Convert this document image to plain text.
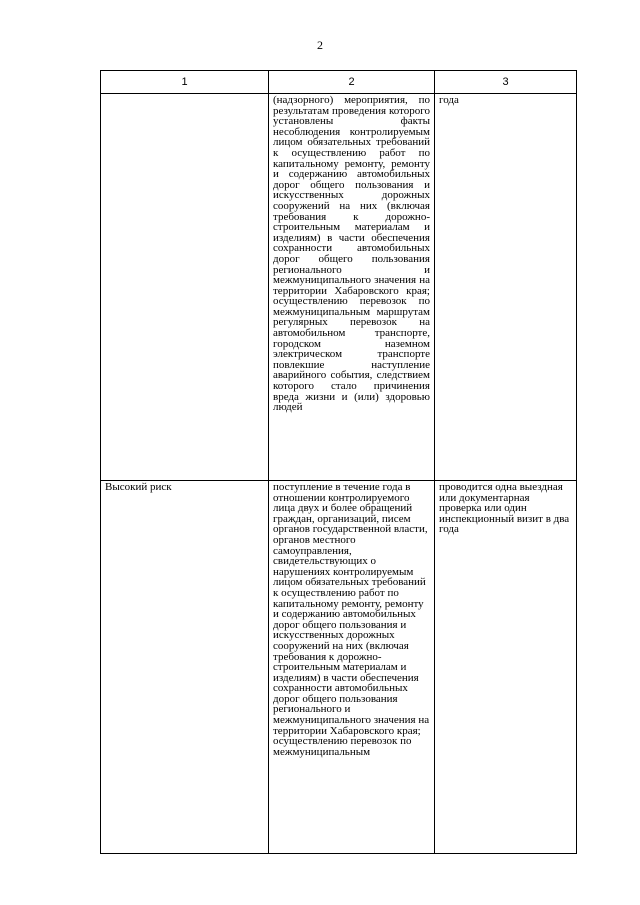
2
1	2	3
	(надзорного) мероприятия, по результатам проведения которого установлены факты несоблюдения контролируемым лицом обязательных требований к осуществлению работ по капитальному ремонту, ремонту и содержанию автомобильных дорог общего пользования и искусственных дорожных сооружений на них (включая требования к дорожно-строительным материалам и изделиям) в части обеспечения сохранности автомобильных дорог общего пользования регионального и межмуниципального значения на территории Хабаровского края; осуществлению перевозок по межмуниципальным маршрутам регулярных перевозок на автомобильном транспорте, городском наземном электрическом транспорте повлекшие наступление аварийного события, следствием которого стало причинения вреда жизни и (или) здоровью людей	года
Высокий риск	поступление в течение года в отношении контролируемого лица двух и более обращений граждан, организаций, писем органов государственной власти, органов местного самоуправления, свидетельствующих о нарушениях контролируемым лицом обязательных требований к осуществлению работ по капитальному ремонту, ремонту и содержанию автомобильных дорог общего пользования и искусственных дорожных сооружений на них (включая требования к дорожно-строительным материалам и изделиям) в части обеспечения сохранности автомобильных дорог общего пользования регионального и межмуниципального значения на территории Хабаровского края; осуществлению перевозок по межмуниципальным	проводится одна выездная или документарная проверка или один инспекционный визит в два года
